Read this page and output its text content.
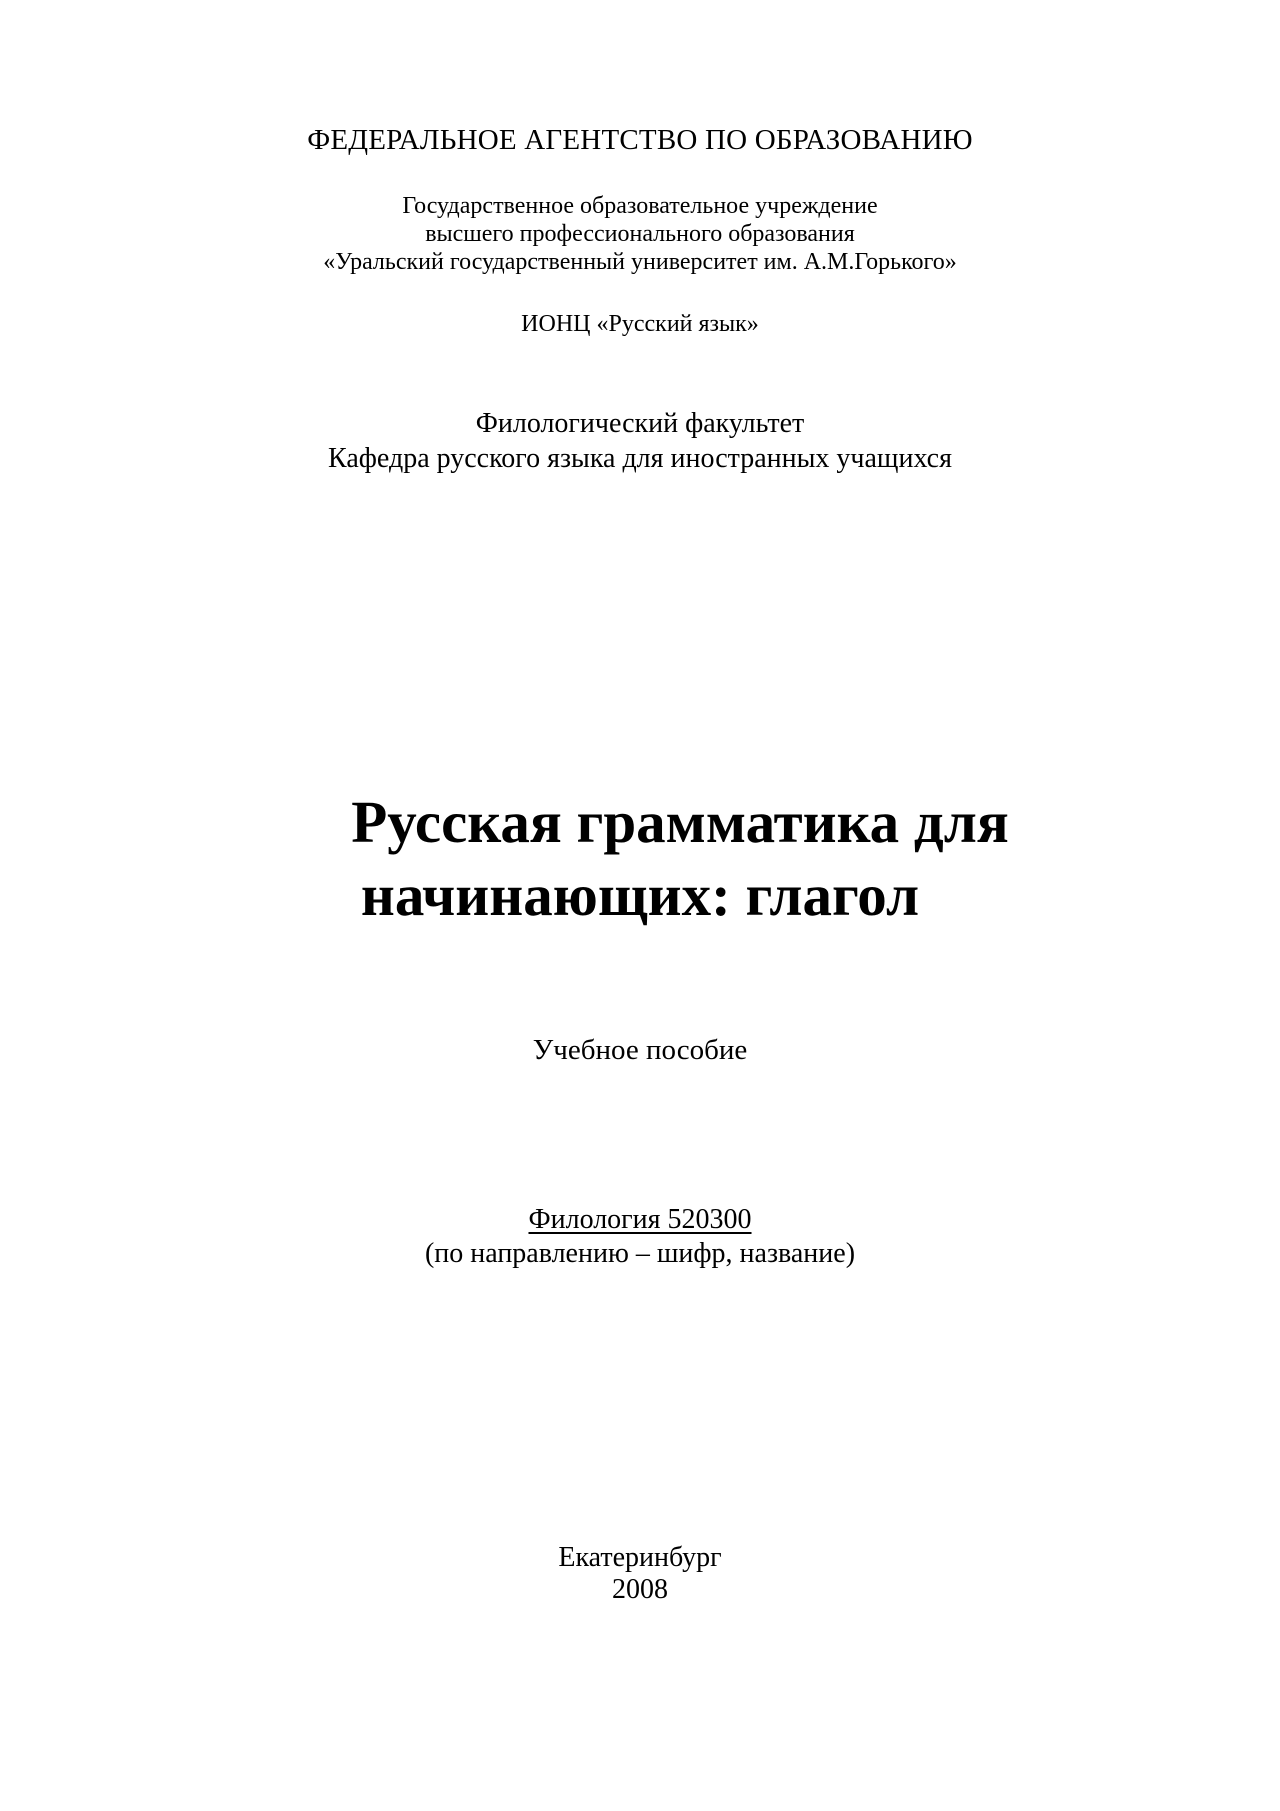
ФЕДЕРАЛЬНОЕ АГЕНТСТВО ПО ОБРАЗОВАНИЮ
Государственное образовательное учреждение
высшего профессионального образования
«Уральский государственный университет им. А.М.Горького»
ИОНЦ «Русский язык»
Филологический факультет
Кафедра русского языка для иностранных учащихся
Русская грамматика для
начинающих: глагол
Учебное пособие
Филология 520300
(по направлению – шифр, название)
Екатеринбург
2008
